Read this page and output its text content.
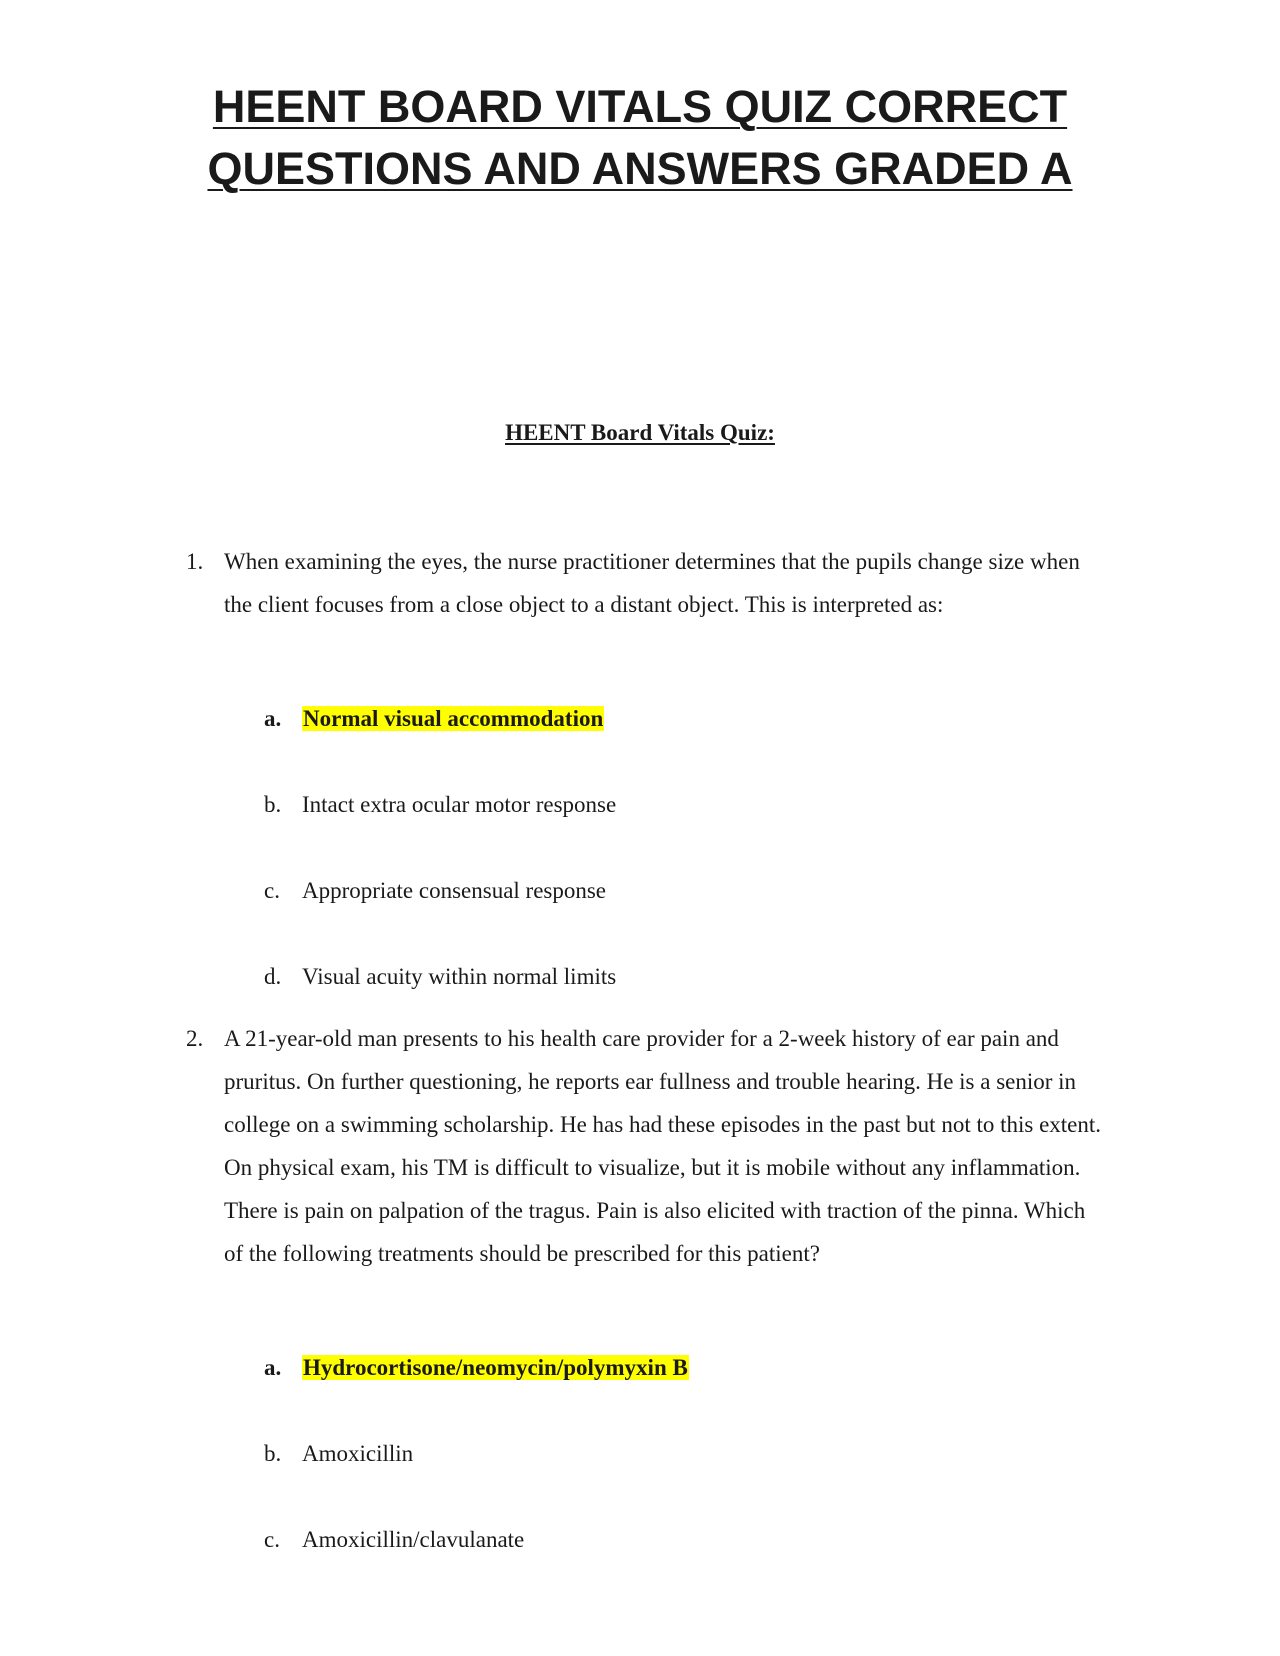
HEENT BOARD VITALS QUIZ CORRECT
QUESTIONS AND ANSWERS GRADED A
HEENT Board Vitals Quiz:
1. When examining the eyes, the nurse practitioner determines that the pupils change size when the client focuses from a close object to a distant object. This is interpreted as:
a. Normal visual accommodation
b. Intact extra ocular motor response
c. Appropriate consensual response
d. Visual acuity within normal limits
2. A 21-year-old man presents to his health care provider for a 2-week history of ear pain and pruritus. On further questioning, he reports ear fullness and trouble hearing. He is a senior in college on a swimming scholarship. He has had these episodes in the past but not to this extent. On physical exam, his TM is difficult to visualize, but it is mobile without any inflammation. There is pain on palpation of the tragus. Pain is also elicited with traction of the pinna. Which of the following treatments should be prescribed for this patient?
a. Hydrocortisone/neomycin/polymyxin B
b. Amoxicillin
c. Amoxicillin/clavulanate
